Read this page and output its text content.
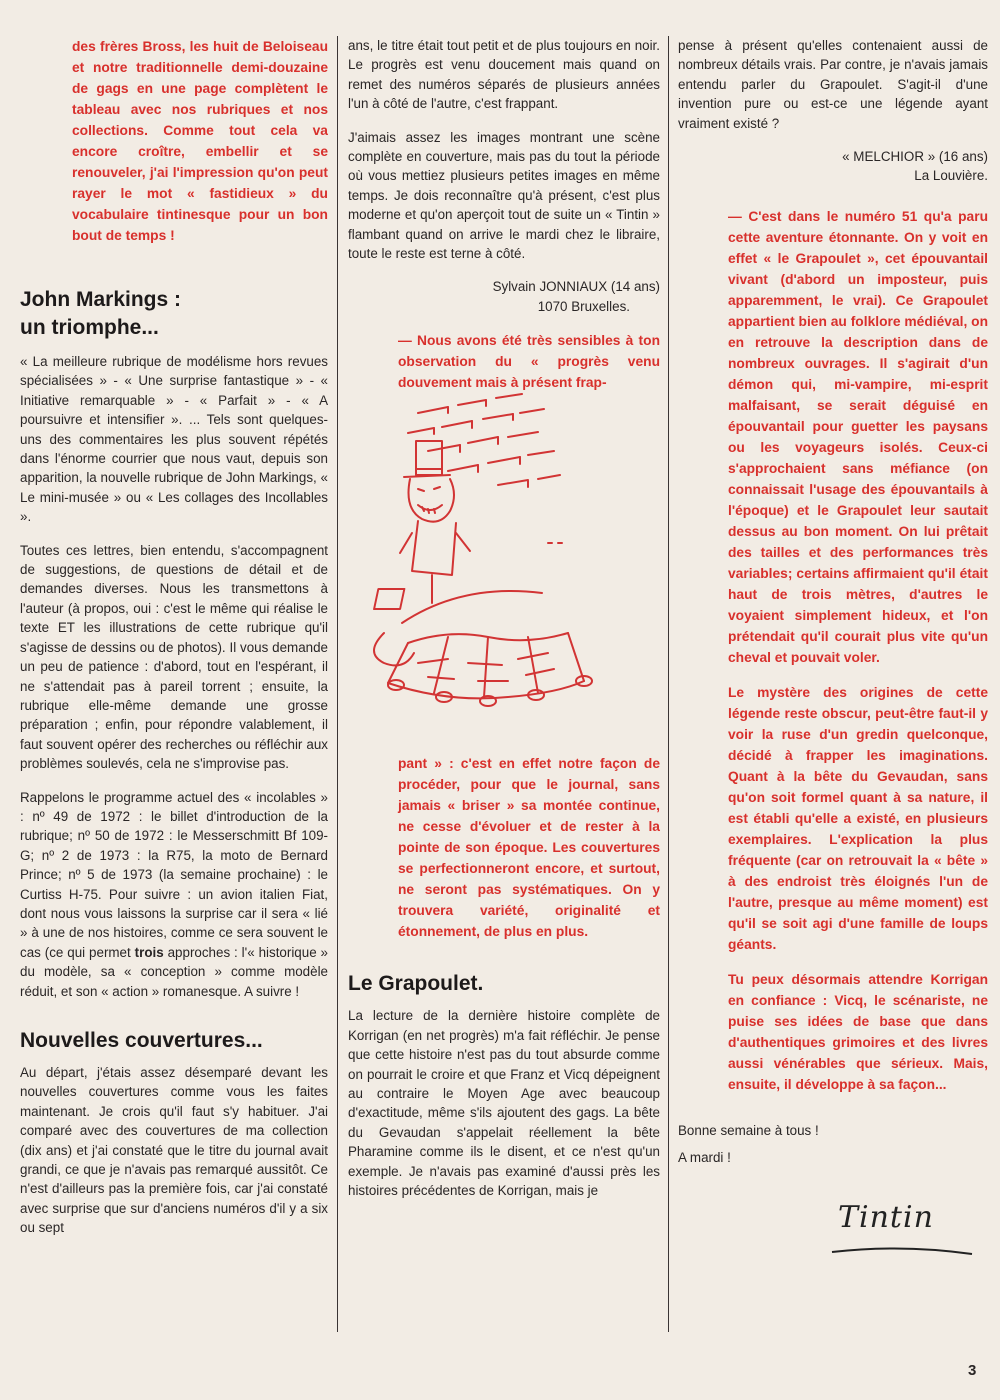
des frères Bross, les huit de Beloiseau et notre traditionnelle demi-douzaine de gags en une page complètent le tableau avec nos rubriques et nos collections. Comme tout cela va encore croître, embellir et se renouveler, j'ai l'impression qu'on peut rayer le mot « fastidieux » du vocabulaire tintinesque pour un bon bout de temps !

John Markings :
un triomphe...

« La meilleure rubrique de modélisme hors revues spécialisées » - « Une surprise fantastique » - « Initiative remarquable » - « Parfait » - « A poursuivre et intensifier ». ... Tels sont quelques-uns des commentaires les plus souvent répétés dans l'énorme courrier que nous vaut, depuis son apparition, la nouvelle rubrique de John Markings, « Le mini-musée » ou « Les collages des Incollables ».

Toutes ces lettres, bien entendu, s'accompagnent de suggestions, de questions de détail et de demandes diverses. Nous les transmettons à l'auteur (à propos, oui : c'est le même qui réalise le texte ET les illustrations de cette rubrique qu'il s'agisse de dessins ou de photos). Il vous demande un peu de patience : d'abord, tout en l'espérant, il ne s'attendait pas à pareil torrent ; ensuite, la rubrique elle-même demande une grosse préparation ; enfin, pour répondre valablement, il faut souvent opérer des recherches ou réfléchir aux problèmes soulevés, cela ne s'improvise pas.

Rappelons le programme actuel des « incolables » : nº 49 de 1972 : le billet d'introduction de la rubrique; nº 50 de 1972 : le Messerschmitt Bf 109-G; nº 2 de 1973 : la R75, la moto de Bernard Prince; nº 5 de 1973 (la semaine prochaine) : le Curtiss H-75. Pour suivre : un avion italien Fiat, dont nous vous laissons la surprise car il sera « lié » à une de nos histoires, comme ce sera souvent le cas (ce qui permet trois approches : l'« historique » du modèle, sa « conception » comme modèle réduit, et son « action » romanesque. A suivre !

Nouvelles couvertures...

Au départ, j'étais assez désemparé devant les nouvelles couvertures comme vous les faites maintenant. Je crois qu'il faut s'y habituer. J'ai comparé avec des couvertures de ma collection (dix ans) et j'ai constaté que le titre du journal avait grandi, ce que je n'avais pas remarqué aussitôt. Ce n'est d'ailleurs pas la première fois, car j'ai constaté avec surprise que sur d'anciens numéros d'il y a six ou sept

ans, le titre était tout petit et de plus toujours en noir. Le progrès est venu doucement mais quand on remet des numéros séparés de plusieurs années l'un à côté de l'autre, c'est frappant.

J'aimais assez les images montrant une scène complète en couverture, mais pas du tout la période où vous mettiez plusieurs petites images en même temps. Je dois reconnaître qu'à présent, c'est plus moderne et qu'on aperçoit tout de suite un « Tintin » flambant quand on arrive le mardi chez le libraire, toute le reste est terne à côté.

Sylvain JONNIAUX (14 ans)
1070 Bruxelles.

— Nous avons été très sensibles à ton observation du « progrès venu douvement mais à présent frap-

pant » : c'est en effet notre façon de procéder, pour que le journal, sans jamais « briser » sa montée continue, ne cesse d'évoluer et de rester à la pointe de son époque. Les couvertures se perfectionneront encore, et surtout, ne seront pas systématiques. On y trouvera variété, originalité et étonnement, de plus en plus.

Le Grapoulet.

La lecture de la dernière histoire complète de Korrigan (en net progrès) m'a fait réfléchir. Je pense que cette histoire n'est pas du tout absurde comme on pourrait le croire et que Franz et Vicq dépeignent au contraire le Moyen Age avec beaucoup d'exactitude, même s'ils ajoutent des gags. La bête du Gevaudan s'appelait réellement la bête Pharamine comme ils le disent, et ce n'est qu'un exemple. Je n'avais pas examiné d'aussi près les histoires précédentes de Korrigan, mais je

pense à présent qu'elles contenaient aussi de nombreux détails vrais. Par contre, je n'avais jamais entendu parler du Grapoulet. S'agit-il d'une invention pure ou est-ce une légende ayant vraiment existé ?

« MELCHIOR » (16 ans)
La Louvière.

— C'est dans le numéro 51 qu'a paru cette aventure étonnante. On y voit en effet « le Grapoulet », cet épouvantail vivant (d'abord un imposteur, puis apparemment, le vrai). Ce Grapoulet appartient bien au folklore médiéval, on en retrouve la description dans de nombreux ouvrages. Il s'agirait d'un démon qui, mi-vampire, mi-esprit malfaisant, se serait déguisé en épouvantail pour guetter les paysans ou les voyageurs isolés. Ceux-ci s'approchaient sans méfiance (on connaissait l'usage des épouvantails à l'époque) et le Grapoulet leur sautait dessus au bon moment. On lui prêtait des tailles et des performances très variables; certains affirmaient qu'il était haut de trois mètres, d'autres le voyaient simplement hideux, et l'on prétendait qu'il courait plus vite qu'un cheval et pouvait voler.

Le mystère des origines de cette légende reste obscur, peut-être faut-il y voir la ruse d'un gredin quelconque, décidé à frapper les imaginations. Quant à la bête du Gevaudan, sans qu'on soit formel quant à sa nature, il est établi qu'elle a existé, en plusieurs exemplaires. L'explication la plus fréquente (car on retrouvait la « bête » à des endroist très éloignés l'un de l'autre, presque au même moment) est qu'il se soit agi d'une famille de loups géants.

Tu peux désormais attendre Korrigan en confiance : Vicq, le scénariste, ne puise ses idées de base que dans d'authentiques grimoires et des livres aussi vénérables que sérieux. Mais, ensuite, il développe à sa façon...

Bonne semaine à tous !
A mardi !
Tintin
3
